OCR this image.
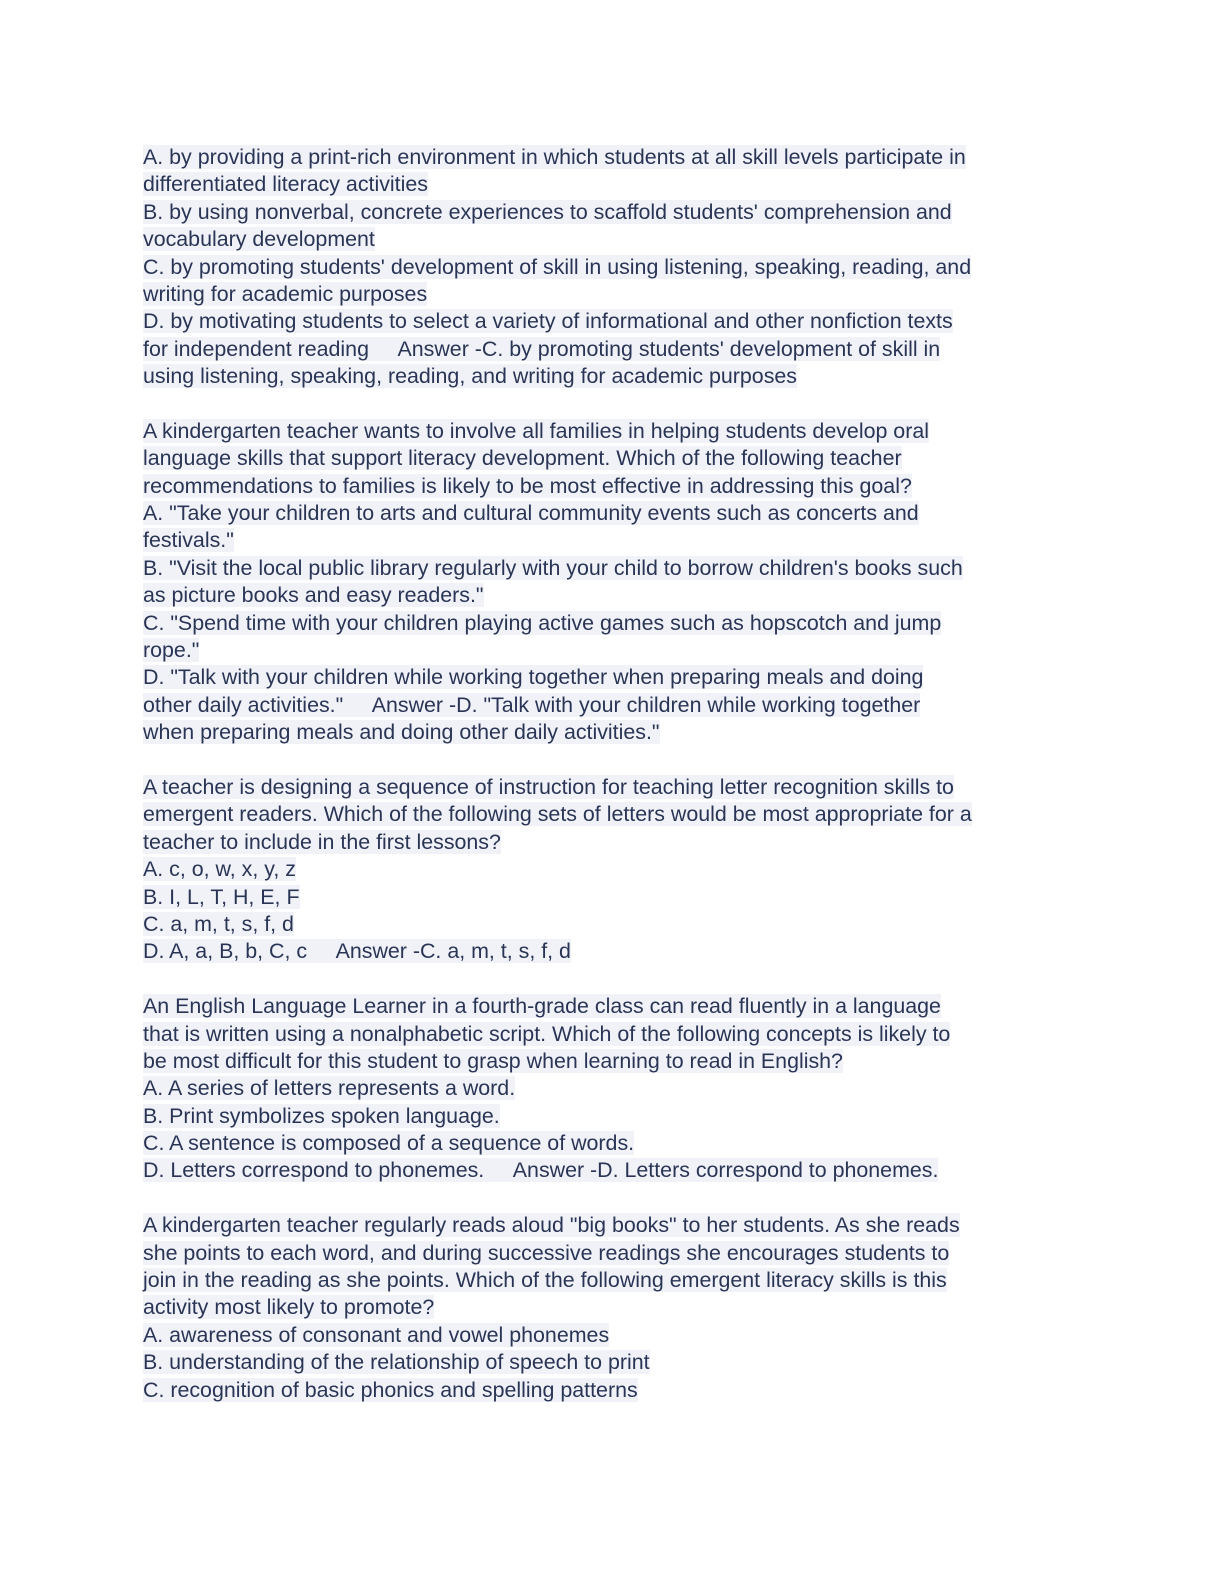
A. by providing a print-rich environment in which students at all skill levels participate in
differentiated literacy activities
B. by using nonverbal, concrete experiences to scaffold students' comprehension and
vocabulary development
C. by promoting students' development of skill in using listening, speaking, reading, and
writing for academic purposes
D. by motivating students to select a variety of informational and other nonfiction texts
for independent reading     Answer -C. by promoting students' development of skill in
using listening, speaking, reading, and writing for academic purposes
A kindergarten teacher wants to involve all families in helping students develop oral
language skills that support literacy development. Which of the following teacher
recommendations to families is likely to be most effective in addressing this goal?
A. "Take your children to arts and cultural community events such as concerts and
festivals."
B. "Visit the local public library regularly with your child to borrow children's books such
as picture books and easy readers."
C. "Spend time with your children playing active games such as hopscotch and jump
rope."
D. "Talk with your children while working together when preparing meals and doing
other daily activities."     Answer -D. "Talk with your children while working together
when preparing meals and doing other daily activities."
A teacher is designing a sequence of instruction for teaching letter recognition skills to
emergent readers. Which of the following sets of letters would be most appropriate for a
teacher to include in the first lessons?
A. c, o, w, x, y, z
B. I, L, T, H, E, F
C. a, m, t, s, f, d
D. A, a, B, b, C, c     Answer -C. a, m, t, s, f, d
An English Language Learner in a fourth-grade class can read fluently in a language
that is written using a nonalphabetic script. Which of the following concepts is likely to
be most difficult for this student to grasp when learning to read in English?
A. A series of letters represents a word.
B. Print symbolizes spoken language.
C. A sentence is composed of a sequence of words.
D. Letters correspond to phonemes.     Answer -D. Letters correspond to phonemes.
A kindergarten teacher regularly reads aloud "big books" to her students. As she reads
she points to each word, and during successive readings she encourages students to
join in the reading as she points. Which of the following emergent literacy skills is this
activity most likely to promote?
A. awareness of consonant and vowel phonemes
B. understanding of the relationship of speech to print
C. recognition of basic phonics and spelling patterns
